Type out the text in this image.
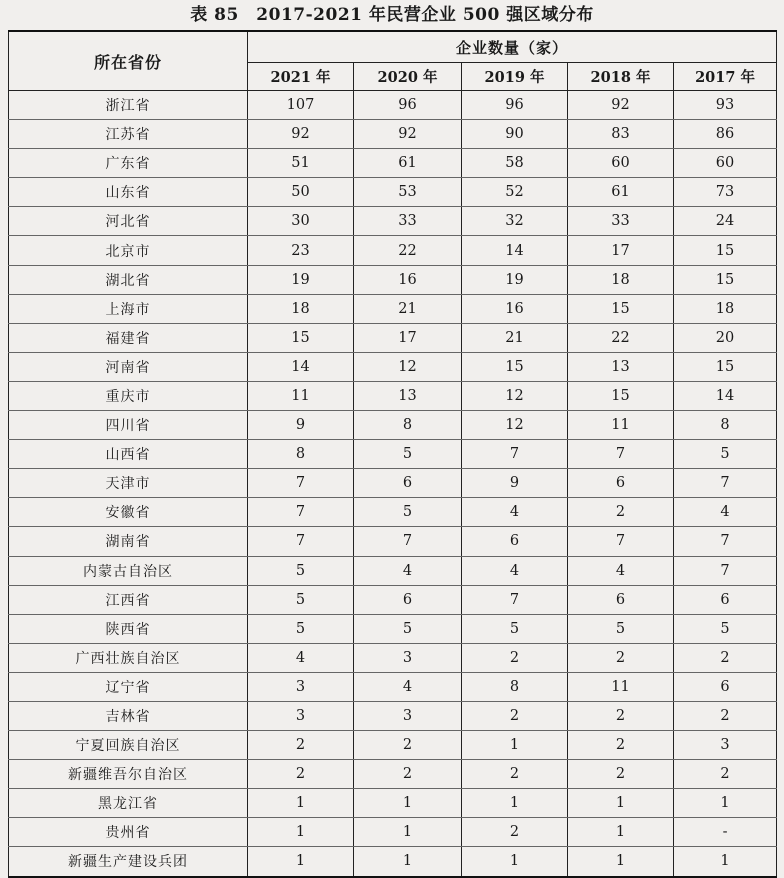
表 85　2017-2021 年民营企业 500 强区域分布
所在省份	企业数量（家）				
	2021 年	2020 年	2019 年	2018 年	2017 年
浙江省	107	96	96	92	93
江苏省	92	92	90	83	86
广东省	51	61	58	60	60
山东省	50	53	52	61	73
河北省	30	33	32	33	24
北京市	23	22	14	17	15
湖北省	19	16	19	18	15
上海市	18	21	16	15	18
福建省	15	17	21	22	20
河南省	14	12	15	13	15
重庆市	11	13	12	15	14
四川省	9	8	12	11	8
山西省	8	5	7	7	5
天津市	7	6	9	6	7
安徽省	7	5	4	2	4
湖南省	7	7	6	7	7
内蒙古自治区	5	4	4	4	7
江西省	5	6	7	6	6
陕西省	5	5	5	5	5
广西壮族自治区	4	3	2	2	2
辽宁省	3	4	8	11	6
吉林省	3	3	2	2	2
宁夏回族自治区	2	2	1	2	3
新疆维吾尔自治区	2	2	2	2	2
黑龙江省	1	1	1	1	1
贵州省	1	1	2	1	-
新疆生产建设兵团	1	1	1	1	1
